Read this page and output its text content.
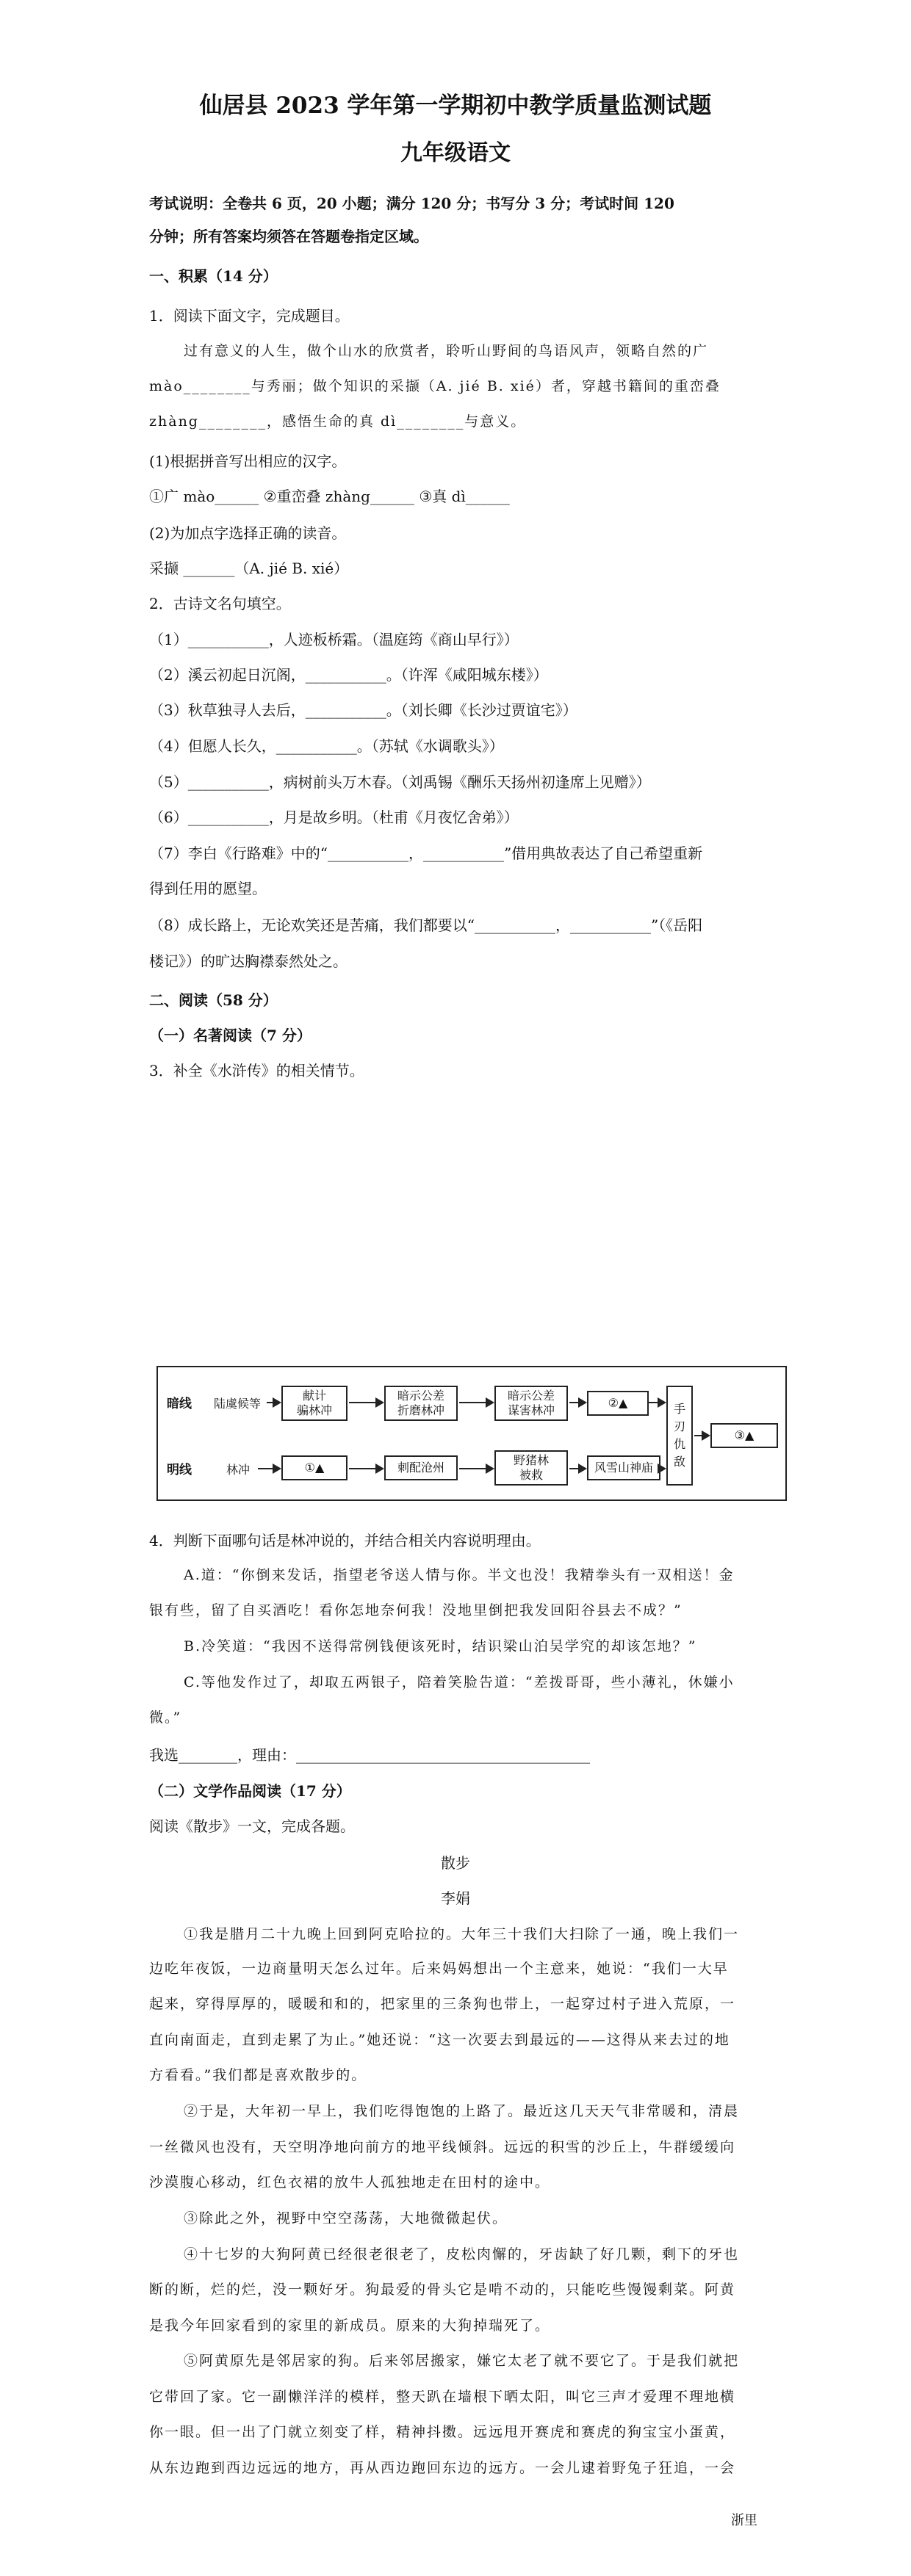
仙居县 2023 学年第一学期初中教学质量监测试题
九年级语文
考试说明：全卷共 6 页，20 小题；满分 120 分；书写分 3 分；考试时间 120
分钟；所有答案均须答在答题卷指定区域。
一、积累（14 分）
1．阅读下面文字，完成题目。
过有意义的人生，做个山水的欣赏者，聆听山野间的鸟语风声，领略自然的广
mào________与秀丽；做个知识的采撷（A. jié B. xié）者，穿越书籍间的重峦叠
zhàng________，感悟生命的真 dì________与意义。
(1)根据拼音写出相应的汉字。
①广 mào______ ②重峦叠 zhàng______ ③真 dì______
(2)为加点字选择正确的读音。
采撷 _______（A. jié B. xié）
2．古诗文名句填空。
（1）___________，人迹板桥霜。（温庭筠《商山早行》）
（2）溪云初起日沉阁，___________。（许浑《咸阳城东楼》）
（3）秋草独寻人去后，___________。（刘长卿《长沙过贾谊宅》）
（4）但愿人长久，___________。（苏轼《水调歌头》）
（5）___________，病树前头万木春。（刘禹锡《酬乐天扬州初逢席上见赠》）
（6）___________，月是故乡明。（杜甫《月夜忆舍弟》）
（7）李白《行路难》中的“___________，___________”借用典故表达了自己希望重新
得到任用的愿望。
（8）成长路上，无论欢笑还是苦痛，我们都要以“___________，___________”（《岳阳
楼记》）的旷达胸襟泰然处之。
二、阅读（58 分）
（一）名著阅读（7 分）
3．补全《水浒传》的相关情节。
暗线
明线
陆虞候等
林冲
献计
骗林冲
暗示公差
折磨林冲
暗示公差
谋害林冲
②▲
①▲	刺配沧州
野猪林
被救
风雪山神庙
手
刃
仇
敌
③▲
4．判断下面哪句话是林冲说的，并结合相关内容说明理由。
A.道：“你倒来发话，指望老爷送人情与你。半文也没！我精拳头有一双相送！金
银有些，留了自买酒吃！看你怎地奈何我！没地里倒把我发回阳谷县去不成？”
B.冷笑道：“我因不送得常例钱便该死时，结识梁山泊吴学究的却该怎地？”
C.等他发作过了，却取五两银子，陪着笑脸告道：“差拨哥哥，些小薄礼，休嫌小
微。”
我选________，理由：________________________________________
（二）文学作品阅读（17 分）
阅读《散步》一文，完成各题。
散步
李娟
①我是腊月二十九晚上回到阿克哈拉的。大年三十我们大扫除了一通，晚上我们一
边吃年夜饭，一边商量明天怎么过年。后来妈妈想出一个主意来，她说：“我们一大早
起来，穿得厚厚的，暖暖和和的，把家里的三条狗也带上，一起穿过村子进入荒原，一
直向南面走，直到走累了为止。”她还说：“这一次要去到最远的——这得从来去过的地
方看看。”我们都是喜欢散步的。
②于是，大年初一早上，我们吃得饱饱的上路了。最近这几天天气非常暖和，清晨
一丝微风也没有，天空明净地向前方的地平线倾斜。远远的积雪的沙丘上，牛群缓缓向
沙漠腹心移动，红色衣裙的放牛人孤独地走在田村的途中。
③除此之外，视野中空空荡荡，大地微微起伏。
④十七岁的大狗阿黄已经很老很老了，皮松肉懈的，牙齿缺了好几颗，剩下的牙也
断的断，烂的烂，没一颗好牙。狗最爱的骨头它是啃不动的，只能吃些馒馒剩菜。阿黄
是我今年回家看到的家里的新成员。原来的大狗掉瑞死了。
⑤阿黄原先是邻居家的狗。后来邻居搬家，嫌它太老了就不要它了。于是我们就把
它带回了家。它一副懒洋洋的模样，整天趴在墙根下晒太阳，叫它三声才爱理不理地横
你一眼。但一出了门就立刻变了样，精神抖擞。远远甩开赛虎和赛虎的狗宝宝小蛋黄，
从东边跑到西边远远的地方，再从西边跑回东边的远方。一会儿逮着野兔子狂追，一会
浙里
